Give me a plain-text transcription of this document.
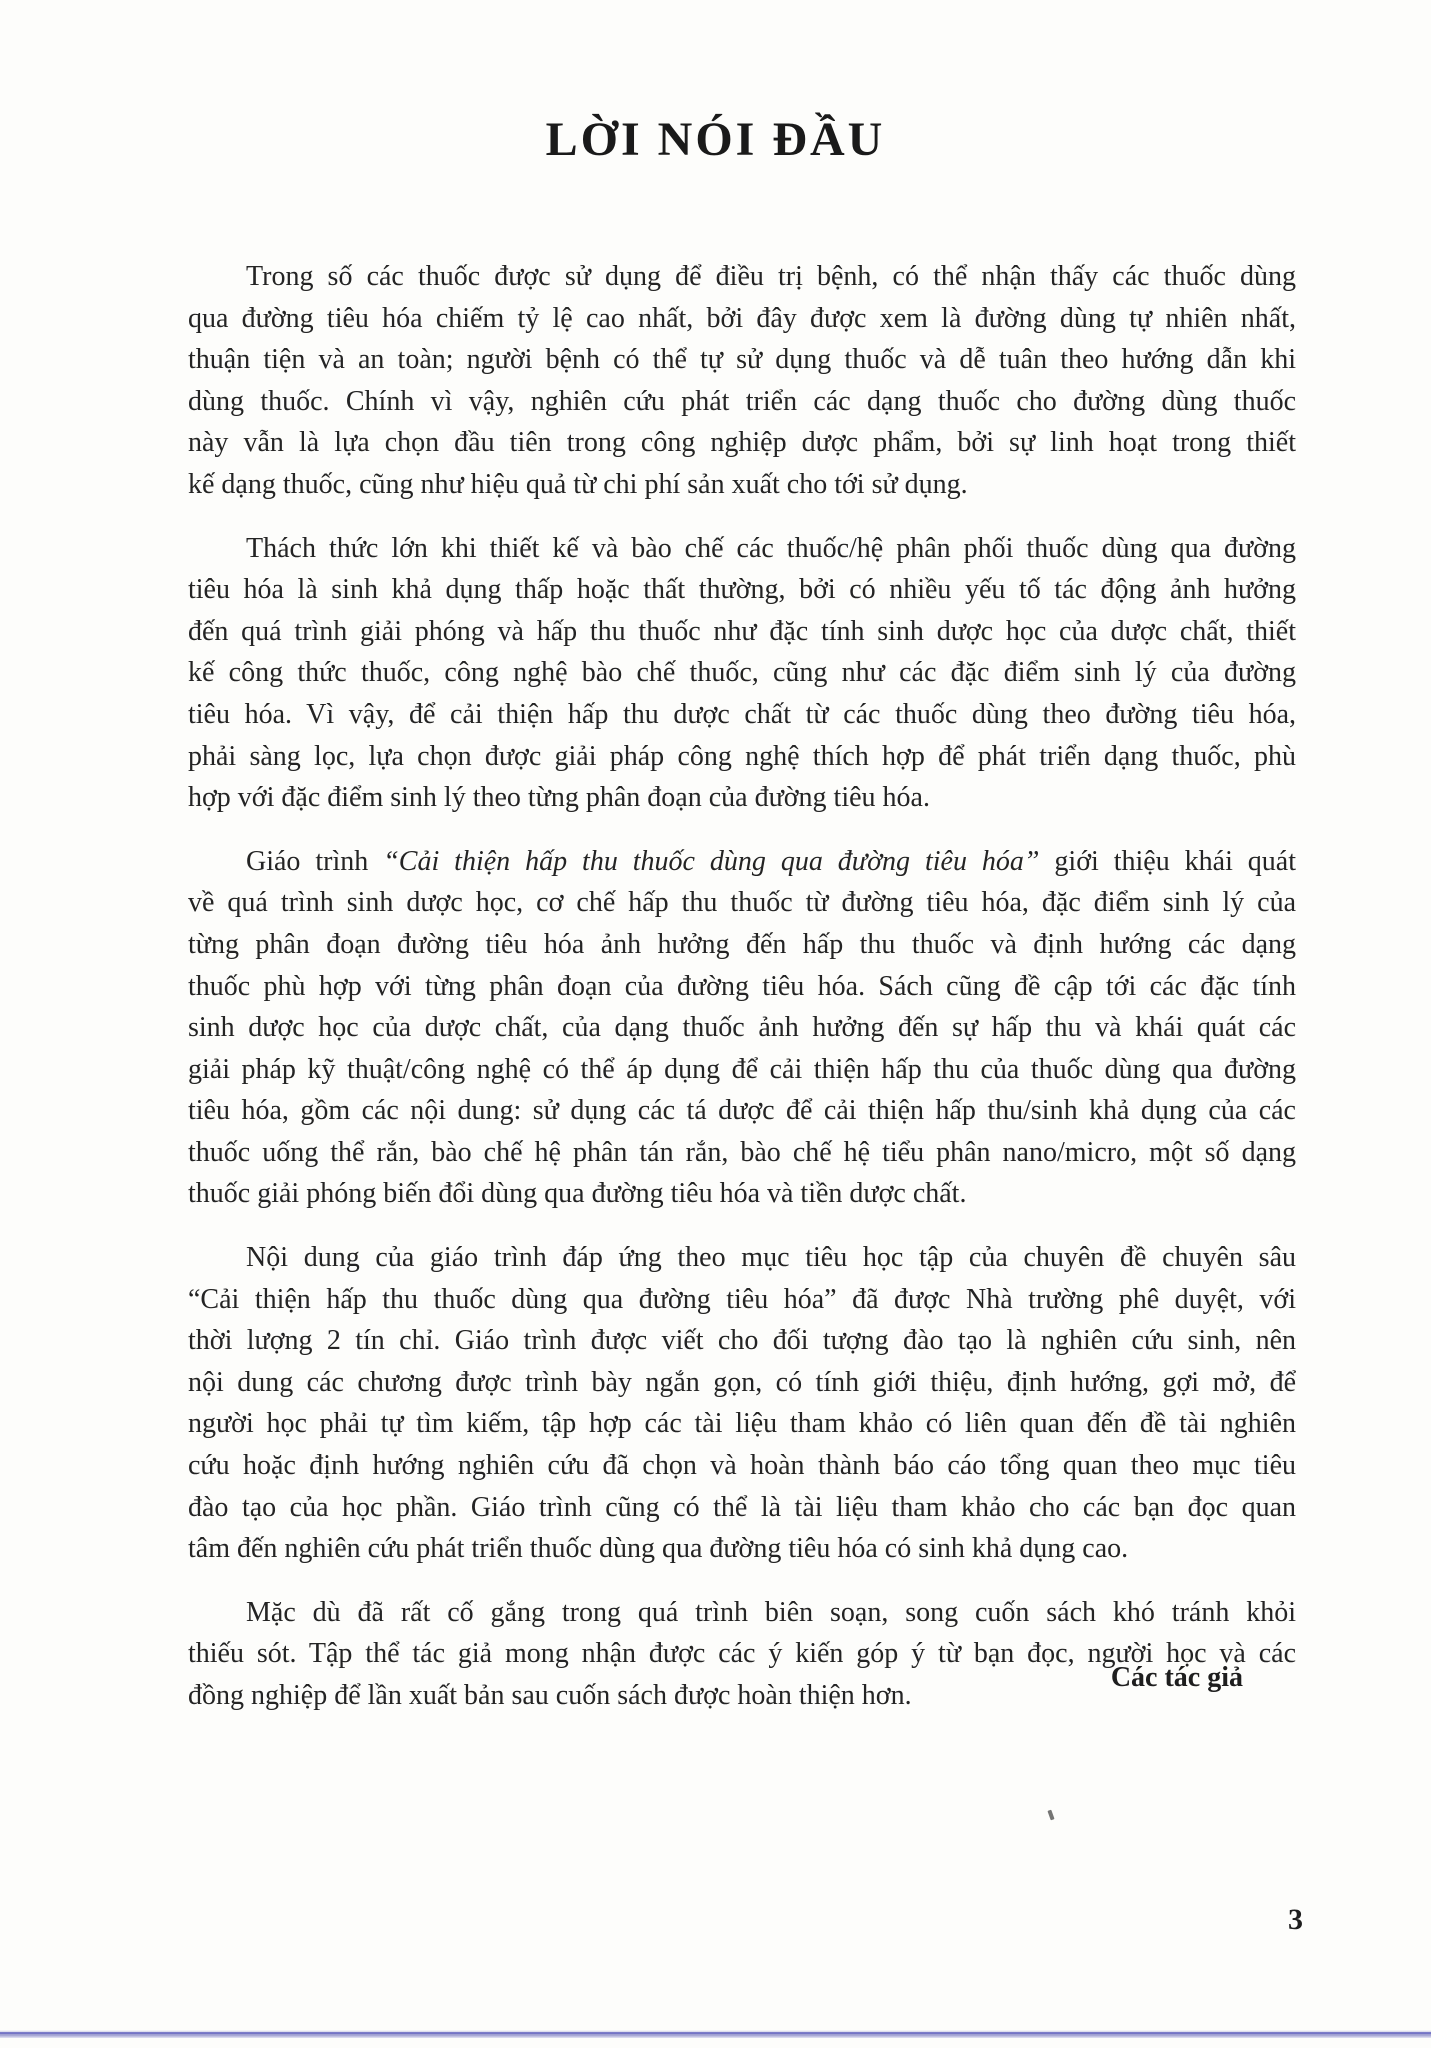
LỜI NÓI ĐẦU
Trong số các thuốc được sử dụng để điều trị bệnh, có thể nhận thấy các thuốc dùng
qua đường tiêu hóa chiếm tỷ lệ cao nhất, bởi đây được xem là đường dùng tự nhiên nhất,
thuận tiện và an toàn; người bệnh có thể tự sử dụng thuốc và dễ tuân theo hướng dẫn khi
dùng thuốc. Chính vì vậy, nghiên cứu phát triển các dạng thuốc cho đường dùng thuốc
này vẫn là lựa chọn đầu tiên trong công nghiệp dược phẩm, bởi sự linh hoạt trong thiết
kế dạng thuốc, cũng như hiệu quả từ chi phí sản xuất cho tới sử dụng.
Thách thức lớn khi thiết kế và bào chế các thuốc/hệ phân phối thuốc dùng qua đường
tiêu hóa là sinh khả dụng thấp hoặc thất thường, bởi có nhiều yếu tố tác động ảnh hưởng
đến quá trình giải phóng và hấp thu thuốc như đặc tính sinh dược học của dược chất, thiết
kế công thức thuốc, công nghệ bào chế thuốc, cũng như các đặc điểm sinh lý của đường
tiêu hóa. Vì vậy, để cải thiện hấp thu dược chất từ các thuốc dùng theo đường tiêu hóa,
phải sàng lọc, lựa chọn được giải pháp công nghệ thích hợp để phát triển dạng thuốc, phù
hợp với đặc điểm sinh lý theo từng phân đoạn của đường tiêu hóa.
Giáo trình “Cải thiện hấp thu thuốc dùng qua đường tiêu hóa” giới thiệu khái quát
về quá trình sinh dược học, cơ chế hấp thu thuốc từ đường tiêu hóa, đặc điểm sinh lý của
từng phân đoạn đường tiêu hóa ảnh hưởng đến hấp thu thuốc và định hướng các dạng
thuốc phù hợp với từng phân đoạn của đường tiêu hóa. Sách cũng đề cập tới các đặc tính
sinh dược học của dược chất, của dạng thuốc ảnh hưởng đến sự hấp thu và khái quát các
giải pháp kỹ thuật/công nghệ có thể áp dụng để cải thiện hấp thu của thuốc dùng qua đường
tiêu hóa, gồm các nội dung: sử dụng các tá dược để cải thiện hấp thu/sinh khả dụng của các
thuốc uống thể rắn, bào chế hệ phân tán rắn, bào chế hệ tiểu phân nano/micro, một số dạng
thuốc giải phóng biến đổi dùng qua đường tiêu hóa và tiền dược chất.
Nội dung của giáo trình đáp ứng theo mục tiêu học tập của chuyên đề chuyên sâu
“Cải thiện hấp thu thuốc dùng qua đường tiêu hóa” đã được Nhà trường phê duyệt, với
thời lượng 2 tín chỉ. Giáo trình được viết cho đối tượng đào tạo là nghiên cứu sinh, nên
nội dung các chương được trình bày ngắn gọn, có tính giới thiệu, định hướng, gợi mở, để
người học phải tự tìm kiếm, tập hợp các tài liệu tham khảo có liên quan đến đề tài nghiên
cứu hoặc định hướng nghiên cứu đã chọn và hoàn thành báo cáo tổng quan theo mục tiêu
đào tạo của học phần. Giáo trình cũng có thể là tài liệu tham khảo cho các bạn đọc quan
tâm đến nghiên cứu phát triển thuốc dùng qua đường tiêu hóa có sinh khả dụng cao.
Mặc dù đã rất cố gắng trong quá trình biên soạn, song cuốn sách khó tránh khỏi
thiếu sót. Tập thể tác giả mong nhận được các ý kiến góp ý từ bạn đọc, người học và các
đồng nghiệp để lần xuất bản sau cuốn sách được hoàn thiện hơn.
Các tác giả
3
